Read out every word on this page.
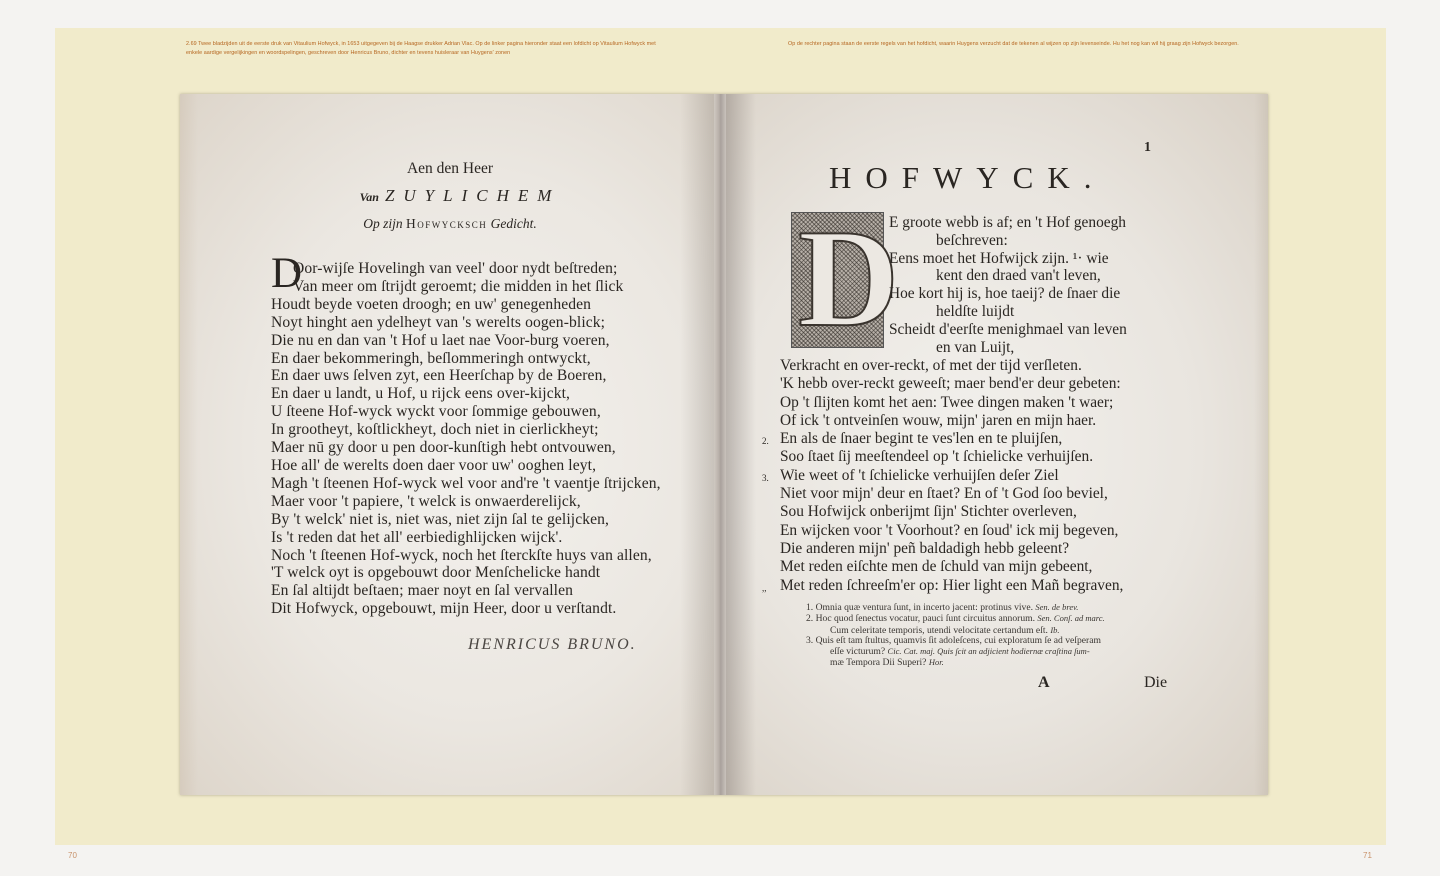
2.69 Twee bladzijden uit de eerste druk van Vitaulium Hofwyck, in 1653 uitgegeven bij de Haagse drukker Adrian Vlac. Op de linker pagina hieronder staat een lofdicht op Vitaulium Hofwyck met enkele aardige vergelijkingen en woordspelingen, geschreven door Henricus Bruno, dichter en tevens huisleraar van Huygens' zonen
Op de rechter pagina staan de eerste regels van het hofdicht, waarin Huygens verzucht dat de tekenen al wijzen op zijn levenseinde. Hu het nog kan wil hij graag zijn Hofwyck bezorgen.
70	71
Aen den Heer
Van ZUYLICHEM
Op zijn Hofwycksch Gedicht.
D
Oor-wijſe Hovelingh van veel' door nydt beſtreden;
Van meer om ſtrijdt geroemt; die midden in het ſlick
Houdt beyde voeten droogh; en uw' genegenheden
Noyt hinght aen ydelheyt van 's werelts oogen-blick;
Die nu en dan van 't Hof u laet nae Voor-burg voeren,
En daer bekommeringh, beſlommeringh ontwyckt,
En daer uws ſelven zyt, een Heerſchap by de Boeren,
En daer u landt, u Hof, u rijck eens over-kijckt,
U ſteene Hof-wyck wyckt voor ſommige gebouwen,
In grootheyt, koſtlickheyt, doch niet in cierlickheyt;
Maer nū gy door u pen door-kunſtigh hebt ontvouwen,
Hoe all' de werelts doen daer voor uw' ooghen leyt,
Magh 't ſteenen Hof-wyck wel voor and're 't vaentje ſtrijcken,
Maer voor 't papiere, 't welck is onwaerderelijck,
By 't welck' niet is, niet was, niet zijn ſal te gelijcken,
Is 't reden dat het all' eerbiedighlijcken wijck'.
Noch 't ſteenen Hof-wyck, noch het ſterckſte huys van allen,
'T welck oyt is opgebouwt door Menſchelicke handt
En ſal altijdt beſtaen; maer noyt en ſal vervallen
Dit Hofwyck, opgebouwt, mijn Heer, door u verſtandt.
HENRICUS BRUNO.
1
HOFWYCK.
D
E groote webb is af; en 't Hof genoegh
beſchreven:
Eens moet het Hofwijck zijn. ¹· wie
kent den draed van't leven,
Hoe kort hij is, hoe taeij? de ſnaer die
heldſte luijdt
Scheidt d'eerſte menighmael van leven
en van Luijt,
Verkracht en over-reckt, of met der tijd verſleten.
'K hebb over-reckt geweeſt; maer bend'er deur gebeten:
Op 't ſlijten komt het aen: Twee dingen maken 't waer;
Of ick 't ontveinſen wouw, mijn' jaren en mijn haer.
2. En als de ſnaer begint te ves'len en te pluijſen,
Soo ſtaet ſij meeſtendeel op 't ſchielicke verhuijſen.
3. Wie weet of 't ſchielicke verhuijſen deſer Ziel
Niet voor mijn' deur en ſtaet? En of 't God ſoo beviel,
Sou Hofwijck onberijmt ſijn' Stichter overleven,
En wijcken voor 't Voorhout? en ſoud' ick mij begeven,
Die anderen mijn' peñ baldadigh hebb geleent?
Met reden eiſchte men de ſchuld van mijn gebeent,
,, Met reden ſchreeſm'er op: Hier light een Mañ begraven,
1. Omnia quæ ventura ſunt, in incerto jacent: protinus vive. Sen. de brev.
2. Hoc quod ſenectus vocatur, pauci ſunt circuitus annorum. Sen. Conſ. ad marc.
Cum celeritate temporis, utendi velocitate certandum eſt. Ib.
3. Quis eſt tam ſtultus, quamvis ſit adoleſcens, cui exploratum ſe ad veſperam
eſſe victurum? Cic. Cat. maj. Quis ſcit an adjicient hodiernæ craſtina ſum-
mæ Tempora Dii Superi? Hor.
A	Die
